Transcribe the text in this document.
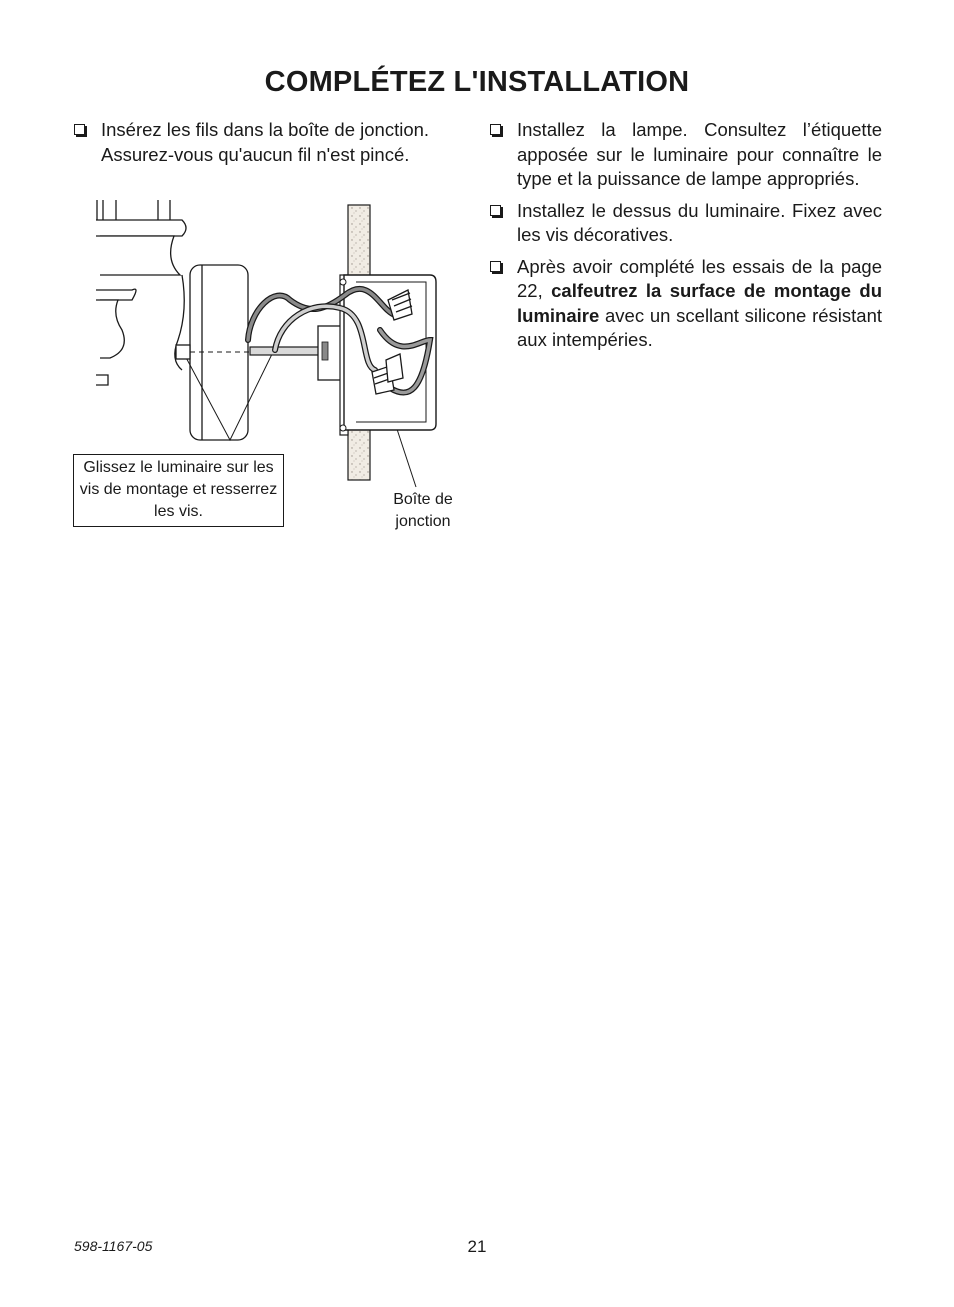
COMPLÉTEZ L'INSTALLATION
Insérez les fils dans la boîte de jonction. Assurez-vous qu'aucun fil n'est pincé.
Installez la lampe. Consultez l’étiquette apposée sur le luminaire pour connaître le type et la puissance de lampe appropriés.
Installez le dessus du luminaire. Fixez avec les vis décoratives.
Après avoir complété les essais de la page 22, calfeutrez la surface de montage du luminaire avec un scellant silicone résistant aux intempéries.
Glissez le luminaire sur les vis de montage et resserrez les vis.
Boîte de jonction
598-1167-05	21
